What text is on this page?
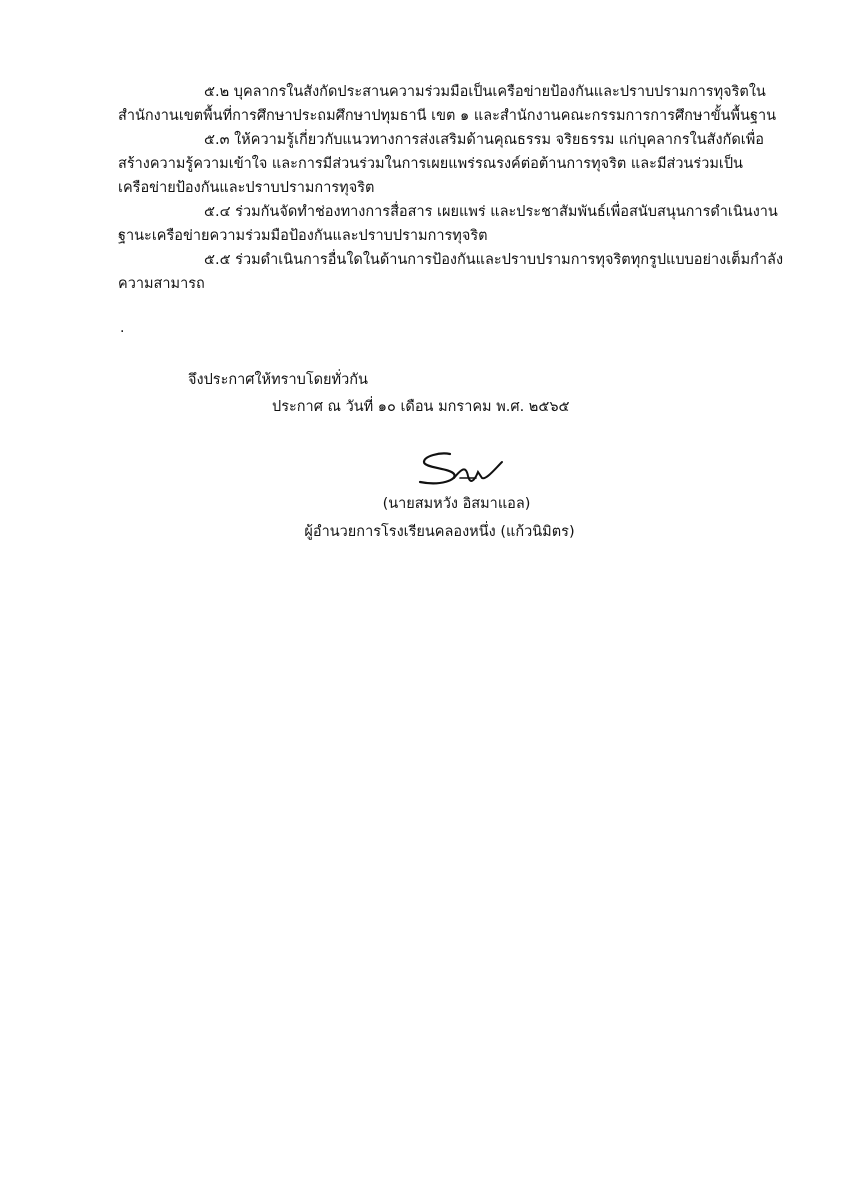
๕.๒ บุคลากรในสังกัดประสานความร่วมมือเป็นเครือข่ายป้องกันและปราบปรามการทุจริตใน
สำนักงานเขตพื้นที่การศึกษาประถมศึกษาปทุมธานี เขต ๑ และสำนักงานคณะกรรมการการศึกษาขั้นพื้นฐาน

๕.๓ ให้ความรู้เกี่ยวกับแนวทางการส่งเสริมด้านคุณธรรม จริยธรรม แก่บุคลากรในสังกัดเพื่อ
สร้างความรู้ความเข้าใจ และการมีส่วนร่วมในการเผยแพร่รณรงค์ต่อต้านการทุจริต และมีส่วนร่วมเป็น
เครือข่ายป้องกันและปราบปรามการทุจริต

๕.๔ ร่วมกันจัดทำช่องทางการสื่อสาร เผยแพร่ และประชาสัมพันธ์เพื่อสนับสนุนการดำเนินงาน
ฐานะเครือข่ายความร่วมมือป้องกันและปราบปรามการทุจริต

๕.๕ ร่วมดำเนินการอื่นใดในด้านการป้องกันและปราบปรามการทุจริตทุกรูปแบบอย่างเต็มกำลัง
ความสามารถ

.
จึงประกาศให้ทราบโดยทั่วกัน
ประกาศ ณ วันที่ ๑๐ เดือน มกราคม พ.ศ. ๒๕๖๕
(นายสมหวัง อิสมาแอล)
ผู้อำนวยการโรงเรียนคลองหนึ่ง (แก้วนิมิตร)
